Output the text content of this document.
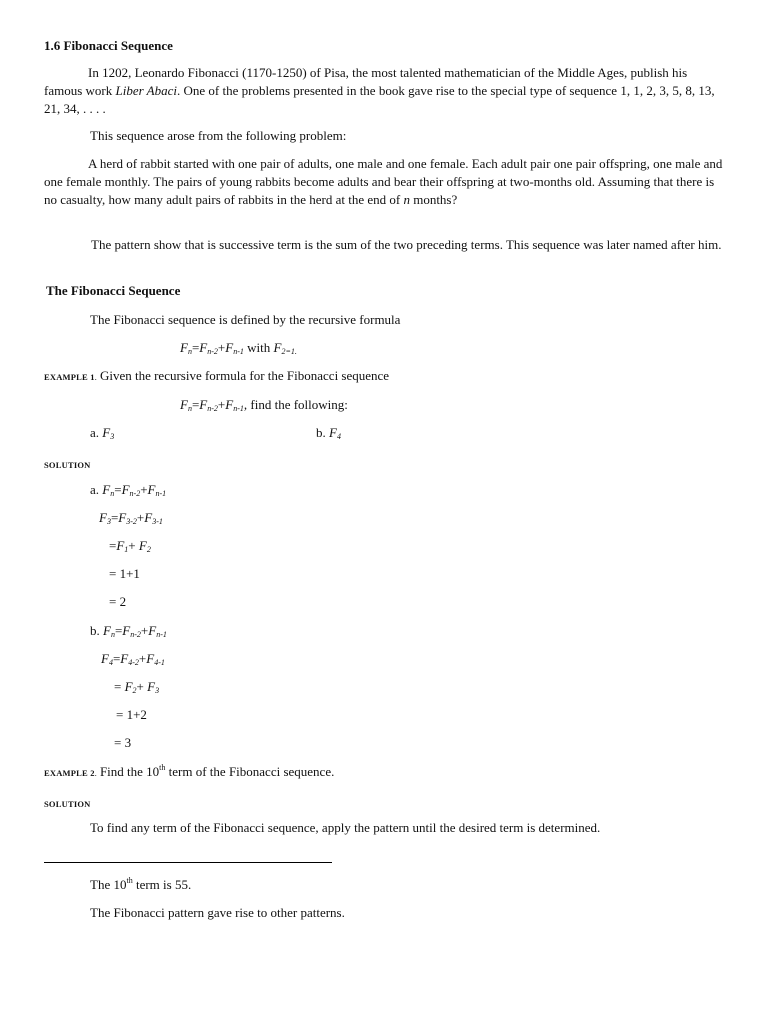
1.6 Fibonacci Sequence
In 1202, Leonardo Fibonacci (1170-1250) of Pisa, the most talented mathematician of the Middle Ages, publish his famous work Liber Abaci. One of the problems presented in the book gave rise to the special type of sequence 1, 1, 2, 3, 5, 8, 13, 21, 34, . . . .
This sequence arose from the following problem:
A herd of rabbit started with one pair of adults, one male and one female. Each adult pair one pair offspring, one male and one female monthly. The pairs of young rabbits become adults and bear their offspring at two-months old. Assuming that there is no casualty, how many adult pairs of rabbits in the herd at the end of n months?
The pattern show that is successive term is the sum of the two preceding terms. This sequence was later named after him.
The Fibonacci Sequence
The Fibonacci sequence is defined by the recursive formula
$F_n=F_{n-2}+F_{n-1}$ with $F_{2=1.}$
EXAMPLE 1. Given the recursive formula for the Fibonacci sequence
$F_n=F_{n-2}+F_{n-1}$, find the following:
a. $F_3$	b. $F_4$
SOLUTION
a. $F_n=F_{n-2}+F_{n-1}$
$F_3=F_{3-2}+F_{3-1}$
$=F_1+ F_2$
= 1+1
= 2
b. $F_n=F_{n-2}+F_{n-1}$
$F_4=F_{4-2}+F_{4-1}$
= $F_2+ F_3$
= 1+2
= 3
EXAMPLE 2. Find the 10th term of the Fibonacci sequence.
SOLUTION
To find any term of the Fibonacci sequence, apply the pattern until the desired term is determined.
The 10th term is 55.
The Fibonacci pattern gave rise to other patterns.
